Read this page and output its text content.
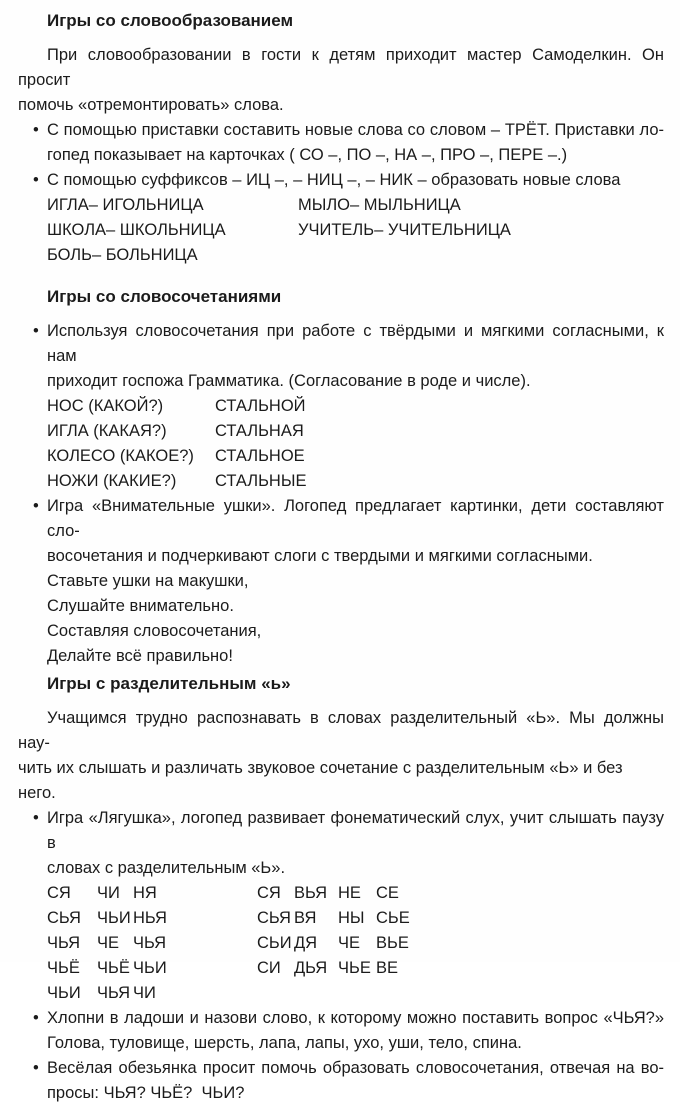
Игры со словообразованием
При словообразовании в гости к детям приходит мастер Самоделкин. Он просит
помочь «отремонтировать» слова.
• С помощью приставки составить новые слова со словом – ТРЁТ. Приставки ло-
гопед показывает на карточках ( СО –, ПО –, НА –, ПРО –, ПЕРЕ –.)
• С помощью суффиксов – ИЦ –, – НИЦ –, – НИК – образовать новые слова
ИГЛА– ИГОЛЬНИЦА	МЫЛО– МЫЛЬНИЦА
ШКОЛА– ШКОЛЬНИЦА	УЧИТЕЛЬ– УЧИТЕЛЬНИЦА
БОЛЬ– БОЛЬНИЦА
Игры со словосочетаниями
• Используя словосочетания при работе с твёрдыми и мягкими согласными, к нам
приходит госпожа Грамматика. (Согласование в роде и числе).
НОС (КАКОЙ?)	СТАЛЬНОЙ
ИГЛА (КАКАЯ?)	СТАЛЬНАЯ
КОЛЕСО (КАКОЕ?)	СТАЛЬНОЕ
НОЖИ (КАКИЕ?)	СТАЛЬНЫЕ
• Игра «Внимательные ушки». Логопед предлагает картинки, дети составляют сло-
восочетания и подчеркивают слоги с твердыми и мягкими согласными.
Ставьте ушки на макушки,
Слушайте внимательно.
Составляя словосочетания,
Делайте всё правильно!
Игры с разделительным «ь»
Учащимся трудно распознавать в словах разделительный «Ь». Мы должны нау-
чить их слышать и различать звуковое сочетание с разделительным «Ь» и без него.
• Игра «Лягушка», логопед развивает фонематический слух, учит слышать паузу в
словах с разделительным «Ь».
СЯ	ЧИ НЯ	СЯ ВЬЯ НЕ СЕ
СЬЯ ЧЬИ НЬЯ	СЬЯ ВЯ	НЫ СЬЕ
ЧЬЯ	ЧЕ ЧЬЯ	СЬИ ДЯ	ЧЕ ВЬЕ
ЧЬЁ	ЧЬЁ ЧЬИ	СИ ДЬЯ ЧЬЕ ВЕ
ЧЬИ ЧЬЯ ЧИ
• Хлопни в ладоши и назови слово, к которому можно поставить вопрос «ЧЬЯ?»
Голова, туловище, шерсть, лапа, лапы, ухо, уши, тело, спина.
• Весёлая обезьянка просит помочь образовать словосочетания, отвечая на во-
просы: ЧЬЯ? ЧЬЁ?  ЧЬИ?
